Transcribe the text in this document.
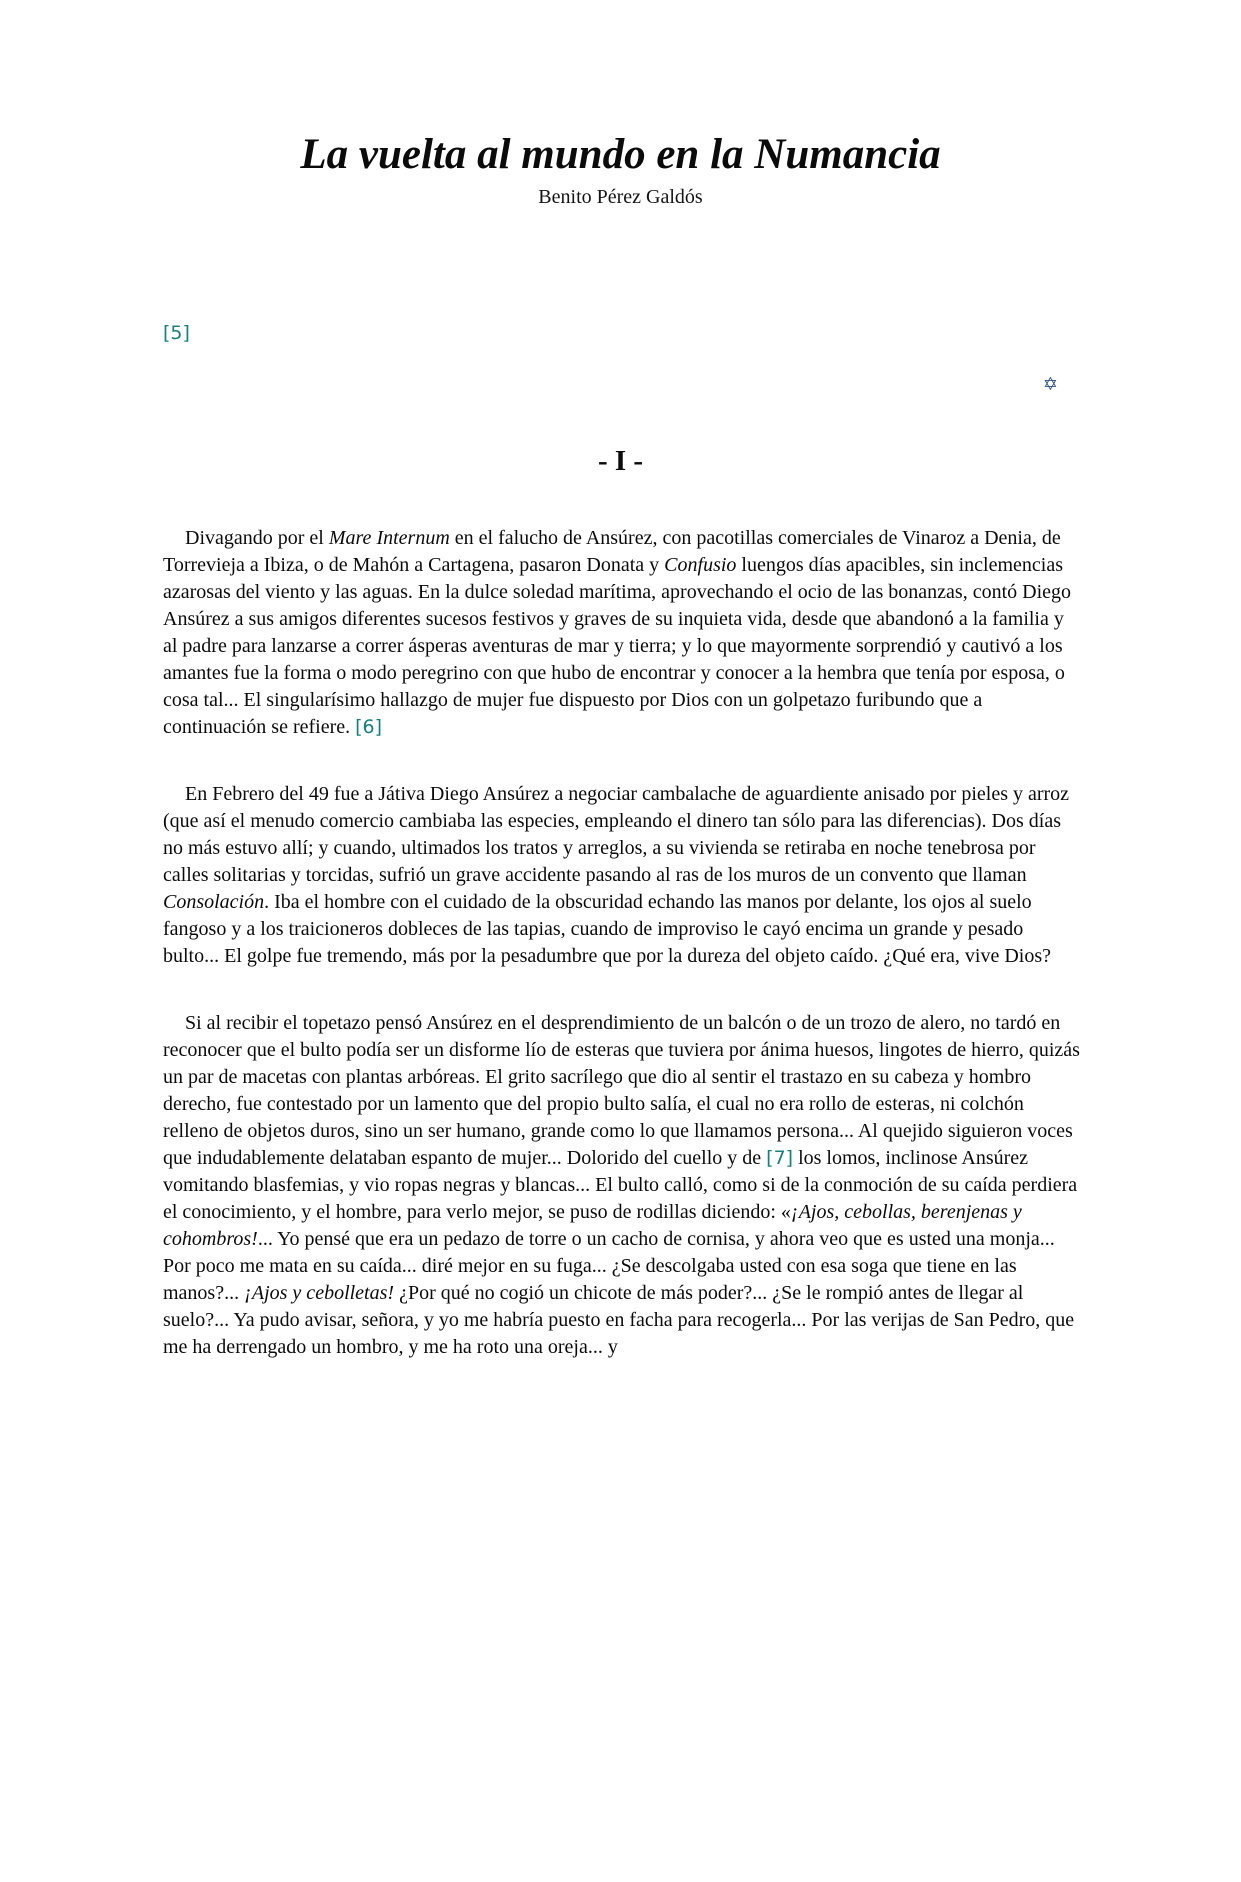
La vuelta al mundo en la Numancia
Benito Pérez Galdós
[5]
✡
- I -

Divagando por el Mare Internum en el falucho de Ansúrez, con pacotillas comerciales de Vinaroz a Denia, de Torrevieja a Ibiza, o de Mahón a Cartagena, pasaron Donata y Confusio luengos días apacibles, sin inclemencias azarosas del viento y las aguas. En la dulce soledad marítima, aprovechando el ocio de las bonanzas, contó Diego Ansúrez a sus amigos diferentes sucesos festivos y graves de su inquieta vida, desde que abandonó a la familia y al padre para lanzarse a correr ásperas aventuras de mar y tierra; y lo que mayormente sorprendió y cautivó a los amantes fue la forma o modo peregrino con que hubo de encontrar y conocer a la hembra que tenía por esposa, o cosa tal... El singularísimo hallazgo de mujer fue dispuesto por Dios con un golpetazo furibundo que a continuación se refiere. [6]

En Febrero del 49 fue a Játiva Diego Ansúrez a negociar cambalache de aguardiente anisado por pieles y arroz (que así el menudo comercio cambiaba las especies, empleando el dinero tan sólo para las diferencias). Dos días no más estuvo allí; y cuando, ultimados los tratos y arreglos, a su vivienda se retiraba en noche tenebrosa por calles solitarias y torcidas, sufrió un grave accidente pasando al ras de los muros de un convento que llaman Consolación. Iba el hombre con el cuidado de la obscuridad echando las manos por delante, los ojos al suelo fangoso y a los traicioneros dobleces de las tapias, cuando de improviso le cayó encima un grande y pesado bulto... El golpe fue tremendo, más por la pesadumbre que por la dureza del objeto caído. ¿Qué era, vive Dios?

Si al recibir el topetazo pensó Ansúrez en el desprendimiento de un balcón o de un trozo de alero, no tardó en reconocer que el bulto podía ser un disforme lío de esteras que tuviera por ánima huesos, lingotes de hierro, quizás un par de macetas con plantas arbóreas. El grito sacrílego que dio al sentir el trastazo en su cabeza y hombro derecho, fue contestado por un lamento que del propio bulto salía, el cual no era rollo de esteras, ni colchón relleno de objetos duros, sino un ser humano, grande como lo que llamamos persona... Al quejido siguieron voces que indudablemente delataban espanto de mujer... Dolorido del cuello y de [7] los lomos, inclinose Ansúrez vomitando blasfemias, y vio ropas negras y blancas... El bulto calló, como si de la conmoción de su caída perdiera el conocimiento, y el hombre, para verlo mejor, se puso de rodillas diciendo: «¡Ajos, cebollas, berenjenas y cohombros!... Yo pensé que era un pedazo de torre o un cacho de cornisa, y ahora veo que es usted una monja... Por poco me mata en su caída... diré mejor en su fuga... ¿Se descolgaba usted con esa soga que tiene en las manos?... ¡Ajos y cebolletas! ¿Por qué no cogió un chicote de más poder?... ¿Se le rompió antes de llegar al suelo?... Ya pudo avisar, señora, y yo me habría puesto en facha para recogerla... Por las verijas de San Pedro, que me ha derrengado un hombro, y me ha roto una oreja... y
